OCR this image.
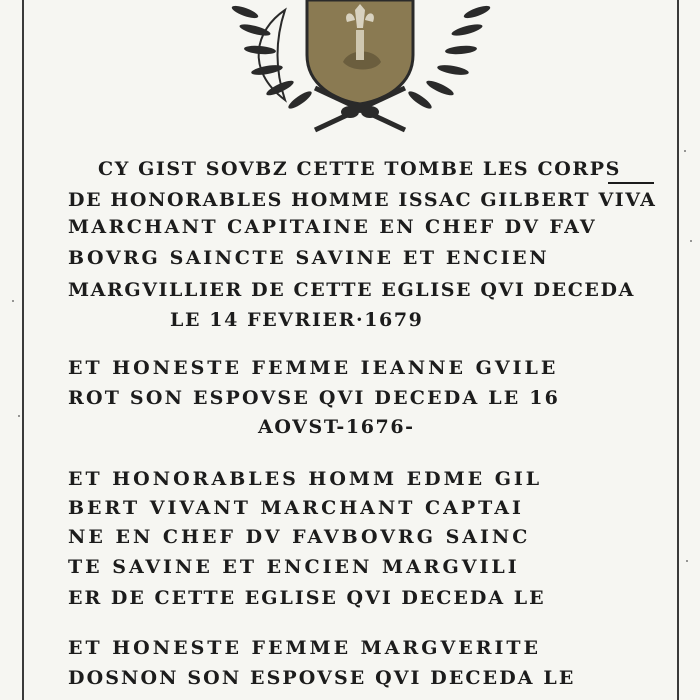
CY GIST SOVBZ CETTE TOMBE LES CORPS
DE HONORABLES HOMME ISSAC GILBERT VIVA
MARCHANT CAPITAINE EN CHEF DV FAV
BOVRG SAINCTE SAVINE ET ENCIEN
MARGVILLIER DE CETTE EGLISE QVI DECEDA
LE 14 FEVRIER·1679
ET HONESTE FEMME IEANNE GVILE
ROT SON ESPOVSE QVI DECEDA LE 16
AOVST-1676-
ET HONORABLES HOMM EDME GIL
BERT VIVANT MARCHANT CAPTAI
NE EN CHEF DV FAVBOVRG SAINC
TE SAVINE ET ENCIEN MARGVILI
ER DE CETTE EGLISE QVI DECEDA LE
ET HONESTE FEMME MARGVERITE
DOSNON SON ESPOVSE QVI DECEDA LE
